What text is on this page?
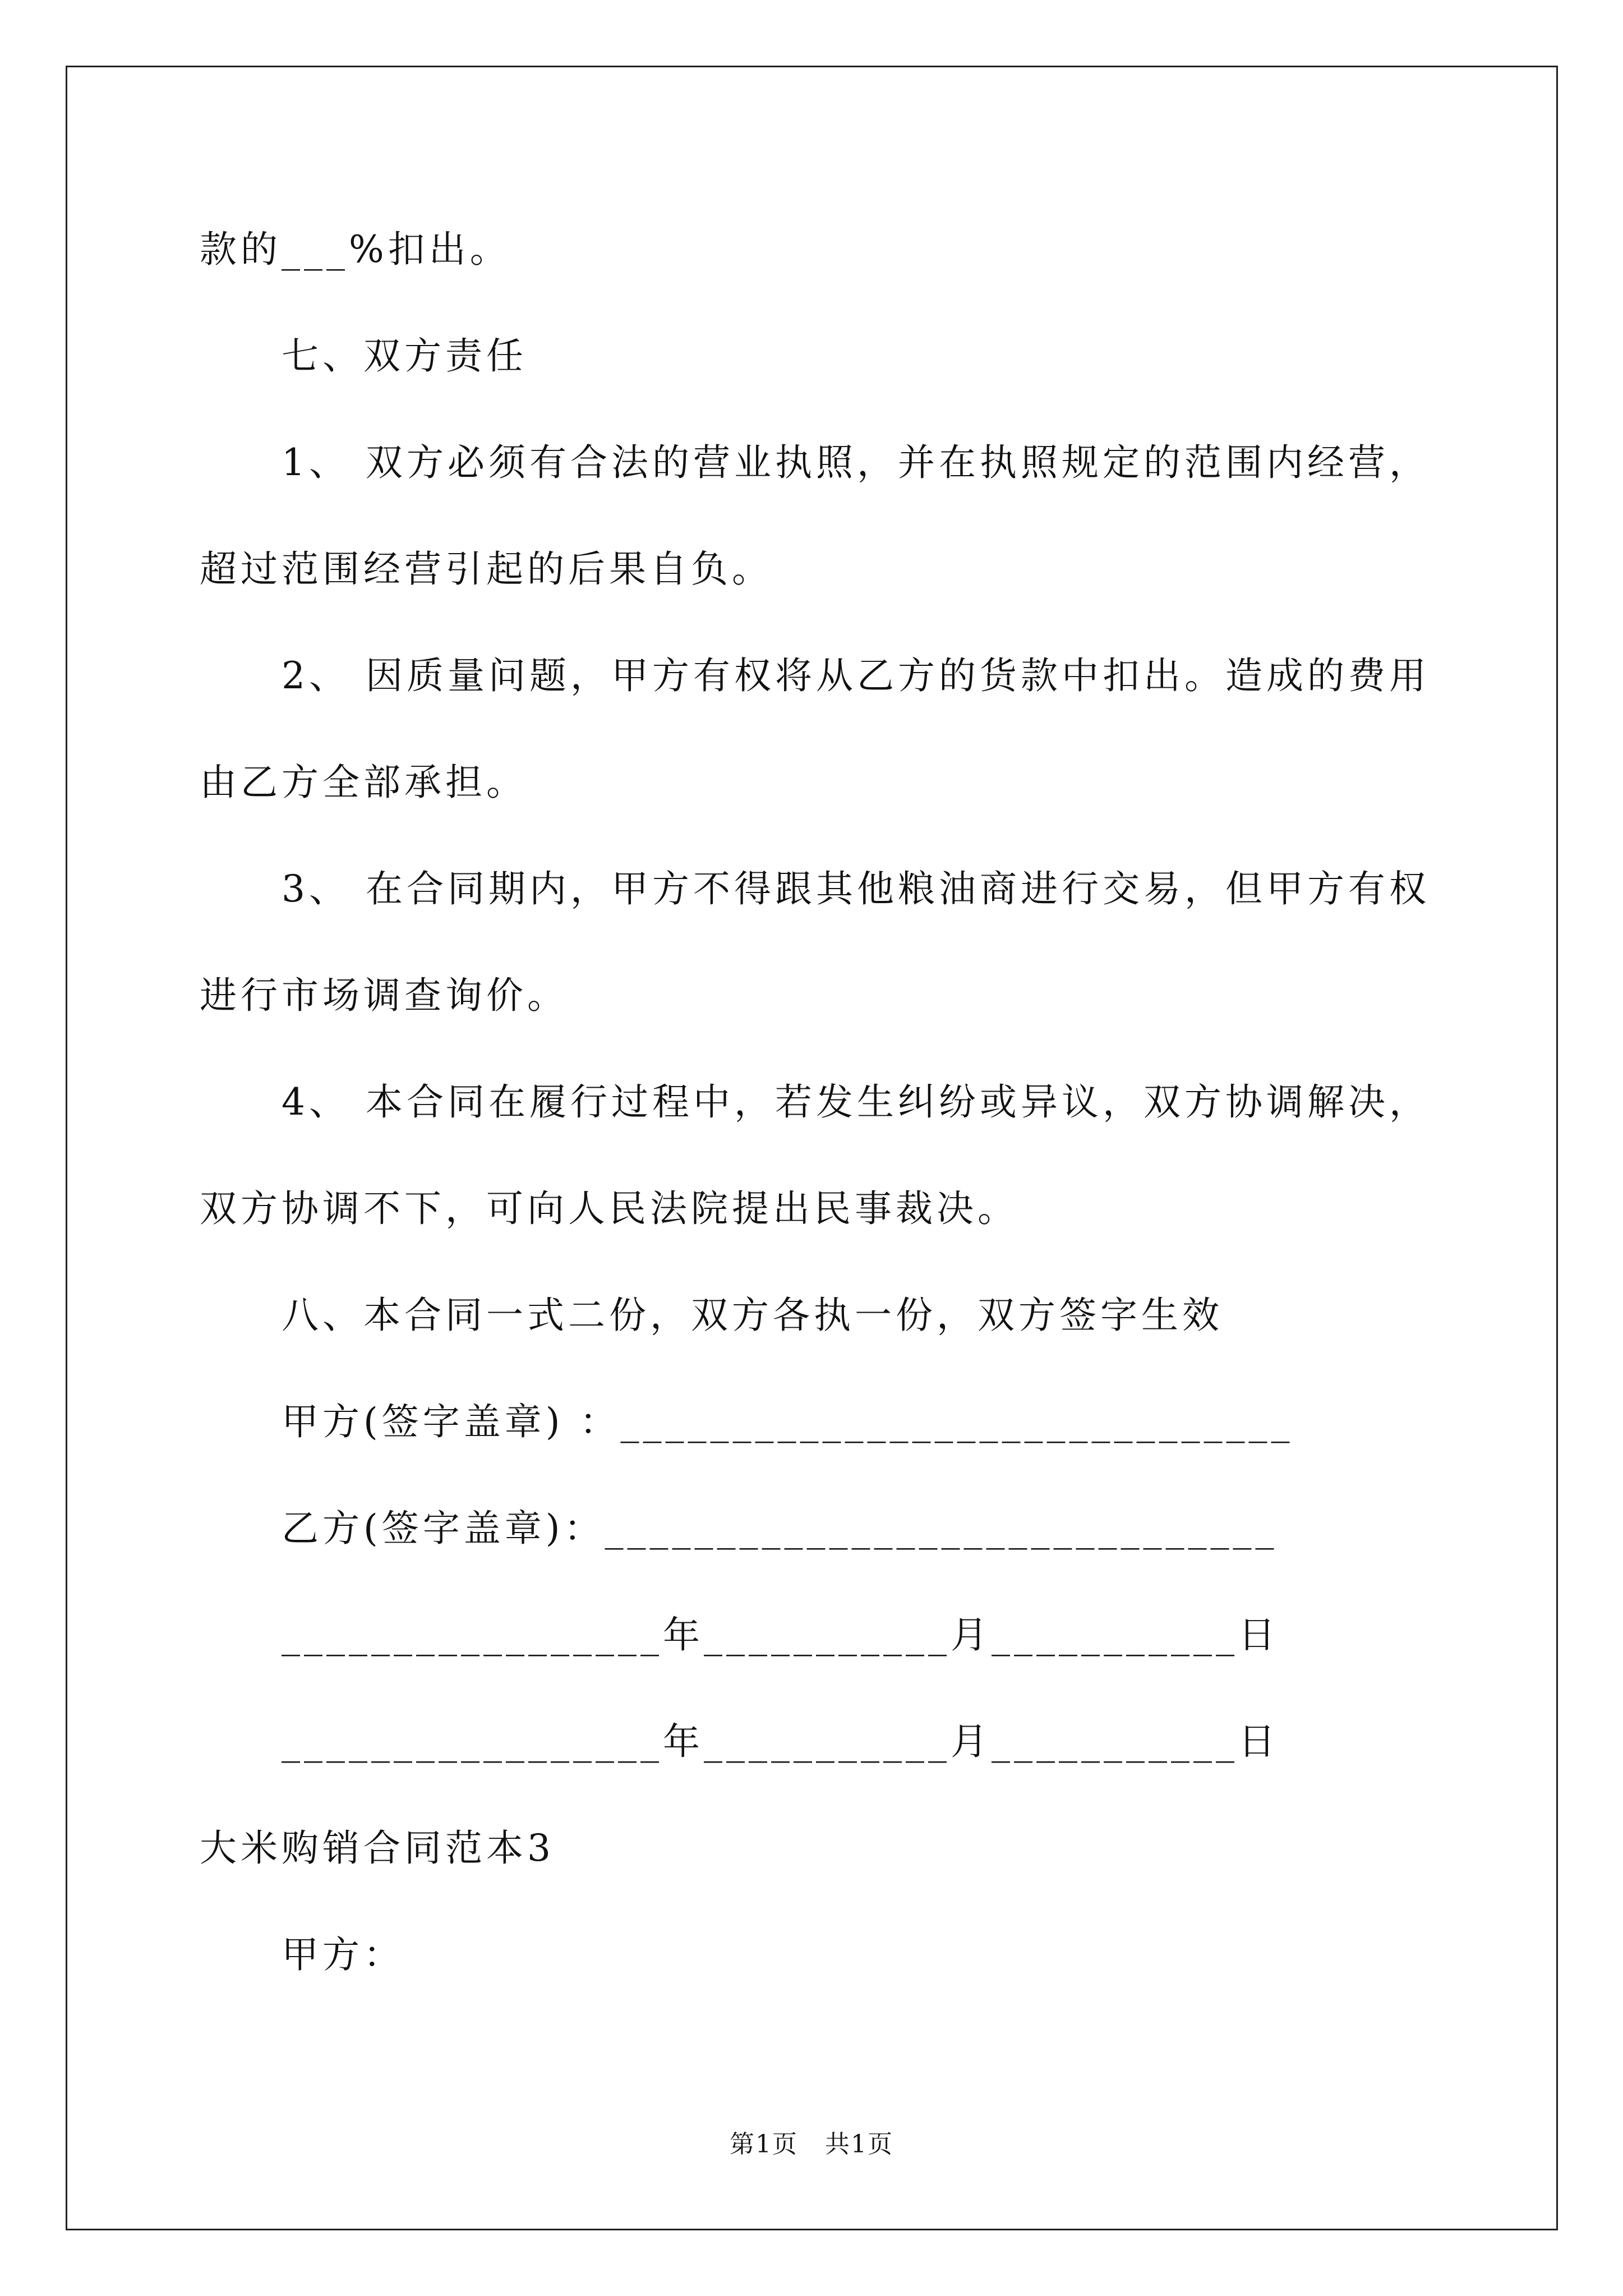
款的___%扣出。
七、双方责任
1、 双方必须有合法的营业执照，并在执照规定的范围内经营，
超过范围经营引起的后果自负。
2、 因质量问题，甲方有权将从乙方的货款中扣出。造成的费用
由乙方全部承担。
3、 在合同期内，甲方不得跟其他粮油商进行交易，但甲方有权
进行市场调查询价。
4、 本合同在履行过程中，若发生纠纷或异议，双方协调解决，
双方协调不下，可向人民法院提出民事裁决。
八、本合同一式二份，双方各执一份，双方签字生效
甲方(签字盖章) ：______________________________
乙方(签字盖章)：______________________________
_________________年___________月___________日
_________________年___________月___________日
大米购销合同范本3
甲方：
第1页   共1页
